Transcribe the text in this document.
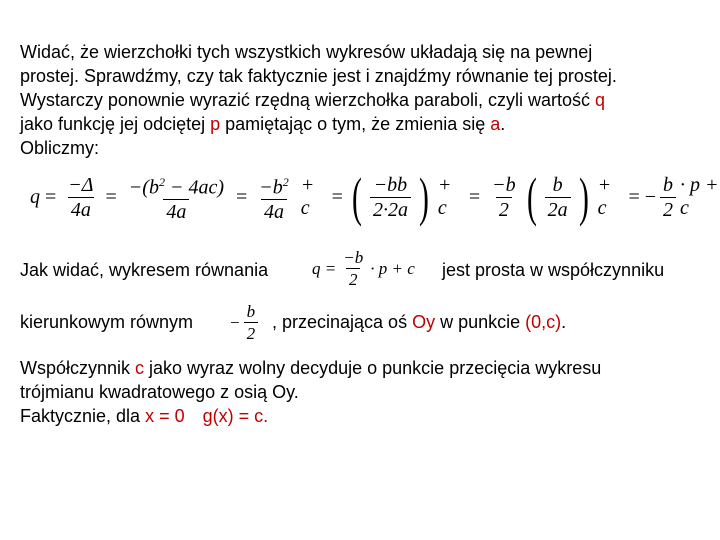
Widać, że wierzchołki tych wszystkich wykresów układają się na pewnej
prostej. Sprawdźmy, czy tak faktycznie jest i znajdźmy równanie tej prostej.
Wystarczy ponownie wyrazić rzędną wierzchołka paraboli, czyli wartość q
jako funkcję jej odciętej p pamiętając o tym, że zmienia się a.
Obliczmy:
$q = \frac{-\Delta}{4a} = \frac{-(b^2 - 4ac)}{4a} = \frac{-b^2}{4a} + c$
= ( $\frac{-bb}{2\cdot 2a}$ ) + c
= $\frac{-b}{2}$ ( $\frac{b}{2a}$ ) + c
= − $\frac{b}{2} \cdot p + c$
Jak widać, wykresem równania	$q = \frac{-b}{2} \cdot p + c$ jest prosta w współczynniku
kierunkowym równym	− $\frac{b}{2}$ , przecinająca oś Oy w punkcie (0,c).
Współczynnik c jako wyraz wolny decyduje o punkcie przecięcia wykresu
trójmianu kwadratowego z osią Oy.
Faktycznie, dla x = 0 g(x) = c.
